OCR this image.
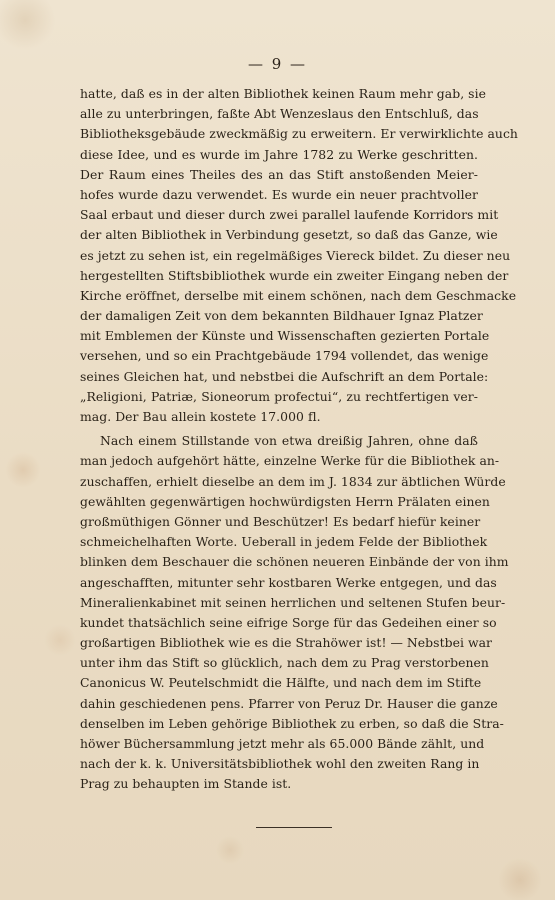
— 9 —
hatte, daß es in der alten Bibliothek keinen Raum mehr gab, sie
alle zu unterbringen, faßte Abt Wenzeslaus den Entschluß, das
Bibliotheksgebäude zweckmäßig zu erweitern. Er verwirklichte auch
diese Idee, und es wurde im Jahre 1782 zu Werke geschritten.
Der Raum eines Theiles des an das Stift anstoßenden Meier-
hofes wurde dazu verwendet. Es wurde ein neuer prachtvoller
Saal erbaut und dieser durch zwei parallel laufende Korridors mit
der alten Bibliothek in Verbindung gesetzt, so daß das Ganze, wie
es jetzt zu sehen ist, ein regelmäßiges Viereck bildet. Zu dieser neu
hergestellten Stiftsbibliothek wurde ein zweiter Eingang neben der
Kirche eröffnet, derselbe mit einem schönen, nach dem Geschmacke
der damaligen Zeit von dem bekannten Bildhauer Ignaz Platzer
mit Emblemen der Künste und Wissenschaften gezierten Portale
versehen, und so ein Prachtgebäude 1794 vollendet, das wenige
seines Gleichen hat, und nebstbei die Aufschrift an dem Portale:
„Religioni, Patriæ, Sioneorum profectui“, zu rechtfertigen ver-
mag. Der Bau allein kostete 17.000 fl.
Nach einem Stillstande von etwa dreißig Jahren, ohne daß
man jedoch aufgehört hätte, einzelne Werke für die Bibliothek an-
zuschaffen, erhielt dieselbe an dem im J. 1834 zur äbtlichen Würde
gewählten gegenwärtigen hochwürdigsten Herrn Prälaten einen
großmüthigen Gönner und Beschützer! Es bedarf hiefür keiner
schmeichelhaften Worte. Ueberall in jedem Felde der Bibliothek
blinken dem Beschauer die schönen neueren Einbände der von ihm
angeschafften, mitunter sehr kostbaren Werke entgegen, und das
Mineralienkabinet mit seinen herrlichen und seltenen Stufen beur-
kundet thatsächlich seine eifrige Sorge für das Gedeihen einer so
großartigen Bibliothek wie es die Strahöwer ist! — Nebstbei war
unter ihm das Stift so glücklich, nach dem zu Prag verstorbenen
Canonicus W. Peutelschmidt die Hälfte, und nach dem im Stifte
dahin geschiedenen pens. Pfarrer von Peruz Dr. Hauser die ganze
denselben im Leben gehörige Bibliothek zu erben, so daß die Stra-
höwer Büchersammlung jetzt mehr als 65.000 Bände zählt, und
nach der k. k. Universitätsbibliothek wohl den zweiten Rang in
Prag zu behaupten im Stande ist.
